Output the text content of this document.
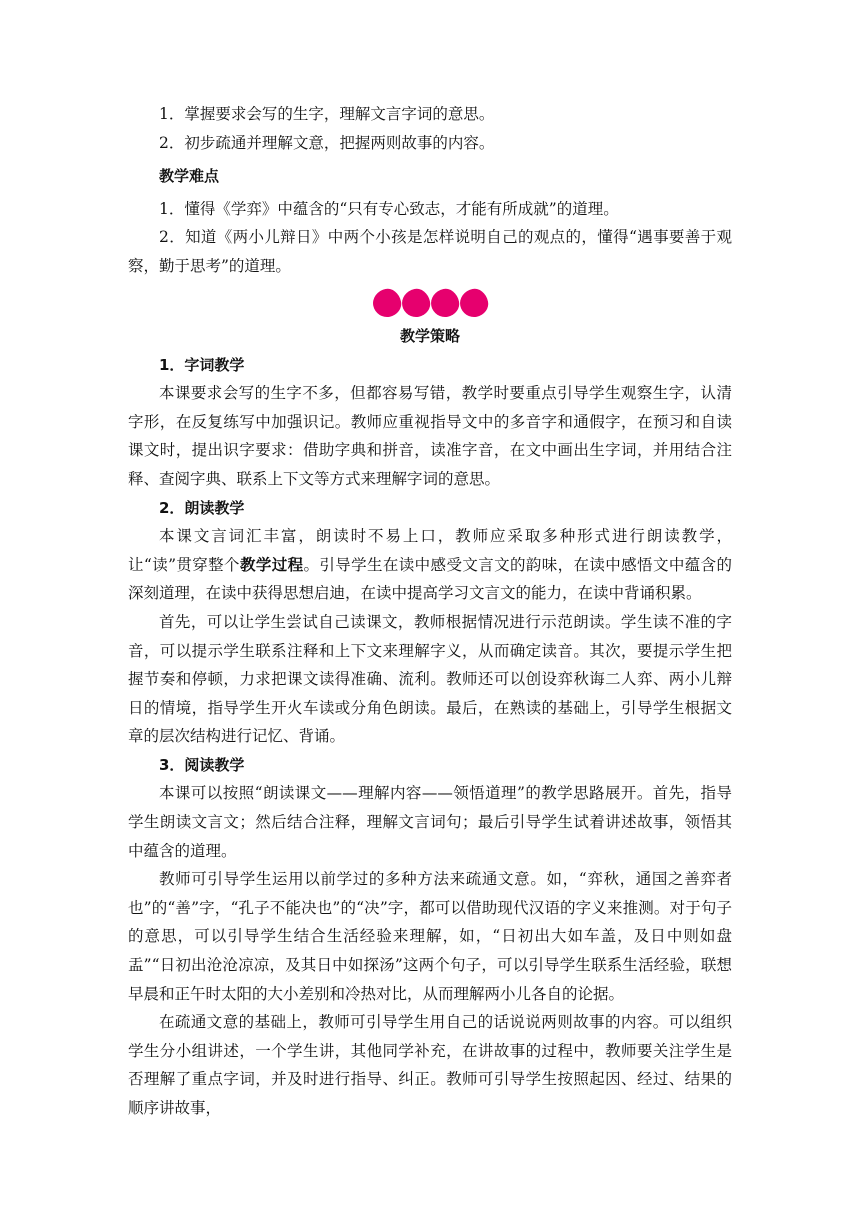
1．掌握要求会写的生字，理解文言字词的意思。

2．初步疏通并理解文意，把握两则故事的内容。

教学难点

1．懂得《学弈》中蕴含的“只有专心致志，才能有所成就”的道理。

2．知道《两小儿辩日》中两个小孩是怎样说明自己的观点的，懂得“遇事要善于观察，勤于思考”的道理。

教学策略

1．字词教学

本课要求会写的生字不多，但都容易写错，教学时要重点引导学生观察生字，认清字形，在反复练写中加强识记。教师应重视指导文中的多音字和通假字，在预习和自读课文时，提出识字要求：借助字典和拼音，读准字音，在文中画出生字词，并用结合注释、查阅字典、联系上下文等方式来理解字词的意思。

2．朗读教学

本课文言词汇丰富，朗读时不易上口，教师应采取多种形式进行朗读教学，让“读”贯穿整个教学过程。引导学生在读中感受文言文的韵味，在读中感悟文中蕴含的深刻道理，在读中获得思想启迪，在读中提高学习文言文的能力，在读中背诵积累。

首先，可以让学生尝试自己读课文，教师根据情况进行示范朗读。学生读不准的字音，可以提示学生联系注释和上下文来理解字义，从而确定读音。其次，要提示学生把握节奏和停顿，力求把课文读得准确、流利。教师还可以创设弈秋诲二人弈、两小儿辩日的情境，指导学生开火车读或分角色朗读。最后，在熟读的基础上，引导学生根据文章的层次结构进行记忆、背诵。

3．阅读教学

本课可以按照“朗读课文——理解内容——领悟道理”的教学思路展开。首先，指导学生朗读文言文；然后结合注释，理解文言词句；最后引导学生试着讲述故事，领悟其中蕴含的道理。

教师可引导学生运用以前学过的多种方法来疏通文意。如，“弈秋，通国之善弈者也”的“善”字，“孔子不能决也”的“决”字，都可以借助现代汉语的字义来推测。对于句子的意思，可以引导学生结合生活经验来理解，如，“日初出大如车盖，及日中则如盘盂”“日初出沧沧凉凉，及其日中如探汤”这两个句子，可以引导学生联系生活经验，联想早晨和正午时太阳的大小差别和冷热对比，从而理解两小儿各自的论据。

在疏通文意的基础上，教师可引导学生用自己的话说说两则故事的内容。可以组织学生分小组讲述，一个学生讲，其他同学补充，在讲故事的过程中，教师要关注学生是否理解了重点字词，并及时进行指导、纠正。教师可引导学生按照起因、经过、结果的顺序讲故事，
